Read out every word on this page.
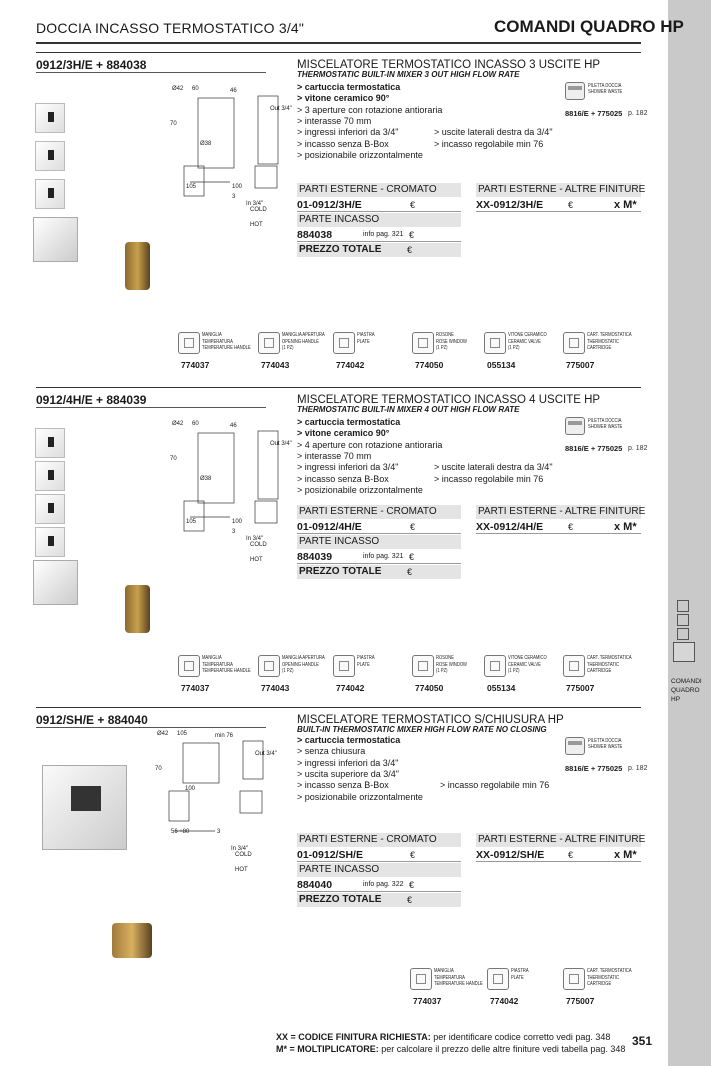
COMANDI
QUADRO
HP
DOCCIA INCASSO TERMOSTATICO 3/4"	COMANDI QUADRO HP
0912/3H/E + 884038	MISCELATORE TERMOSTATICO INCASSO 3 USCITE HP
THERMOSTATIC BUILT-IN MIXER 3 OUT HIGH FLOW RATE
> cartuccia termostatica
> vitone ceramico 90°
> 3 aperture con rotazione antioraria
> interasse 70 mm
> ingressi inferiori da 3/4"	> uscite laterali destra da 3/4"
> incasso senza B-Box	> incasso regolabile min 76
> posizionabile orizzontalmente
PILETTA DOCCIA
SHOWER WASTE
8816/E + 775025 p. 182
PARTI ESTERNE - CROMATO
01-0912/3H/E	€
PARTE INCASSO
884038	info pag. 321 €
PREZZO TOTALE	€
PARTI ESTERNE - ALTRE FINITURE
XX-0912/3H/E	€	x M*
MANIGLIA
TEMPERATURA
TEMPERATURE HANDLE
774037
MANIGLIA APERTURA
OPENING HANDLE
(1 PZ)
774043
PIASTRA
PLATE
774042
ROSONE
ROSE WINDOW
(1 PZ)
774050
VITONE CERAMICO
CERAMIC VALVE
(1 PZ)
055134
CART. TERMOSTATICA
THERMOSTATIC
CARTRIDGE
775007
Ø42 60	46
Out 3/4"
70
Ø38
105	100
3
In 3/4"
COLD
HOT
0912/4H/E + 884039	MISCELATORE TERMOSTATICO INCASSO 4 USCITE HP
THERMOSTATIC BUILT-IN MIXER 4 OUT HIGH FLOW RATE
> cartuccia termostatica
> vitone ceramico 90°
> 4 aperture con rotazione antioraria
> interasse 70 mm
> ingressi inferiori da 3/4"	> uscite laterali destra da 3/4"
> incasso senza B-Box	> incasso regolabile min 76
> posizionabile orizzontalmente
PILETTA DOCCIA
SHOWER WASTE
8816/E + 775025 p. 182
PARTI ESTERNE - CROMATO
01-0912/4H/E	€
PARTE INCASSO
884039	info pag. 321 €
PREZZO TOTALE	€
PARTI ESTERNE - ALTRE FINITURE
XX-0912/4H/E	€	x M*
MANIGLIA
TEMPERATURA
TEMPERATURE HANDLE
774037
MANIGLIA APERTURA
OPENING HANDLE
(1 PZ)
774043
PIASTRA
PLATE
774042
ROSONE
ROSE WINDOW
(1 PZ)
774050
VITONE CERAMICO
CERAMIC VALVE
(1 PZ)
055134
CART. TERMOSTATICA
THERMOSTATIC
CARTRIDGE
775007
Ø42 60	46
Out 3/4"
70
Ø38
105	100
3
In 3/4"
COLD
HOT
0912/SH/E + 884040	MISCELATORE TERMOSTATICO S/CHIUSURA HP
BUILT-IN THERMOSTATIC MIXER HIGH FLOW RATE NO CLOSING
> cartuccia termostatica
> senza chiusura
> ingressi inferiori da 3/4"
> uscita superiore da 3/4"
> incasso senza B-Box	> incasso regolabile min 76
> posizionabile orizzontalmente
PILETTA DOCCIA
SHOWER WASTE
8816/E + 775025 p. 182
PARTI ESTERNE - CROMATO
01-0912/SH/E	€
PARTE INCASSO
884040	info pag. 322 €
PREZZO TOTALE	€
PARTI ESTERNE - ALTRE FINITURE
XX-0912/SH/E	€	x M*
MANIGLIA
TEMPERATURA
TEMPERATURE HANDLE
774037
PIASTRA
PLATE
774042
CART. TERMOSTATICA
THERMOSTATIC
CARTRIDGE
775007
Ø42 105	min 76
Out 3/4"
70
100
56 ÷80	3
In 3/4"
COLD
HOT
XX = CODICE FINITURA RICHIESTA: per identificare codice corretto vedi pag. 348
M* = MOLTIPLICATORE: per calcolare il prezzo delle altre finiture vedi tabella pag. 348
351
